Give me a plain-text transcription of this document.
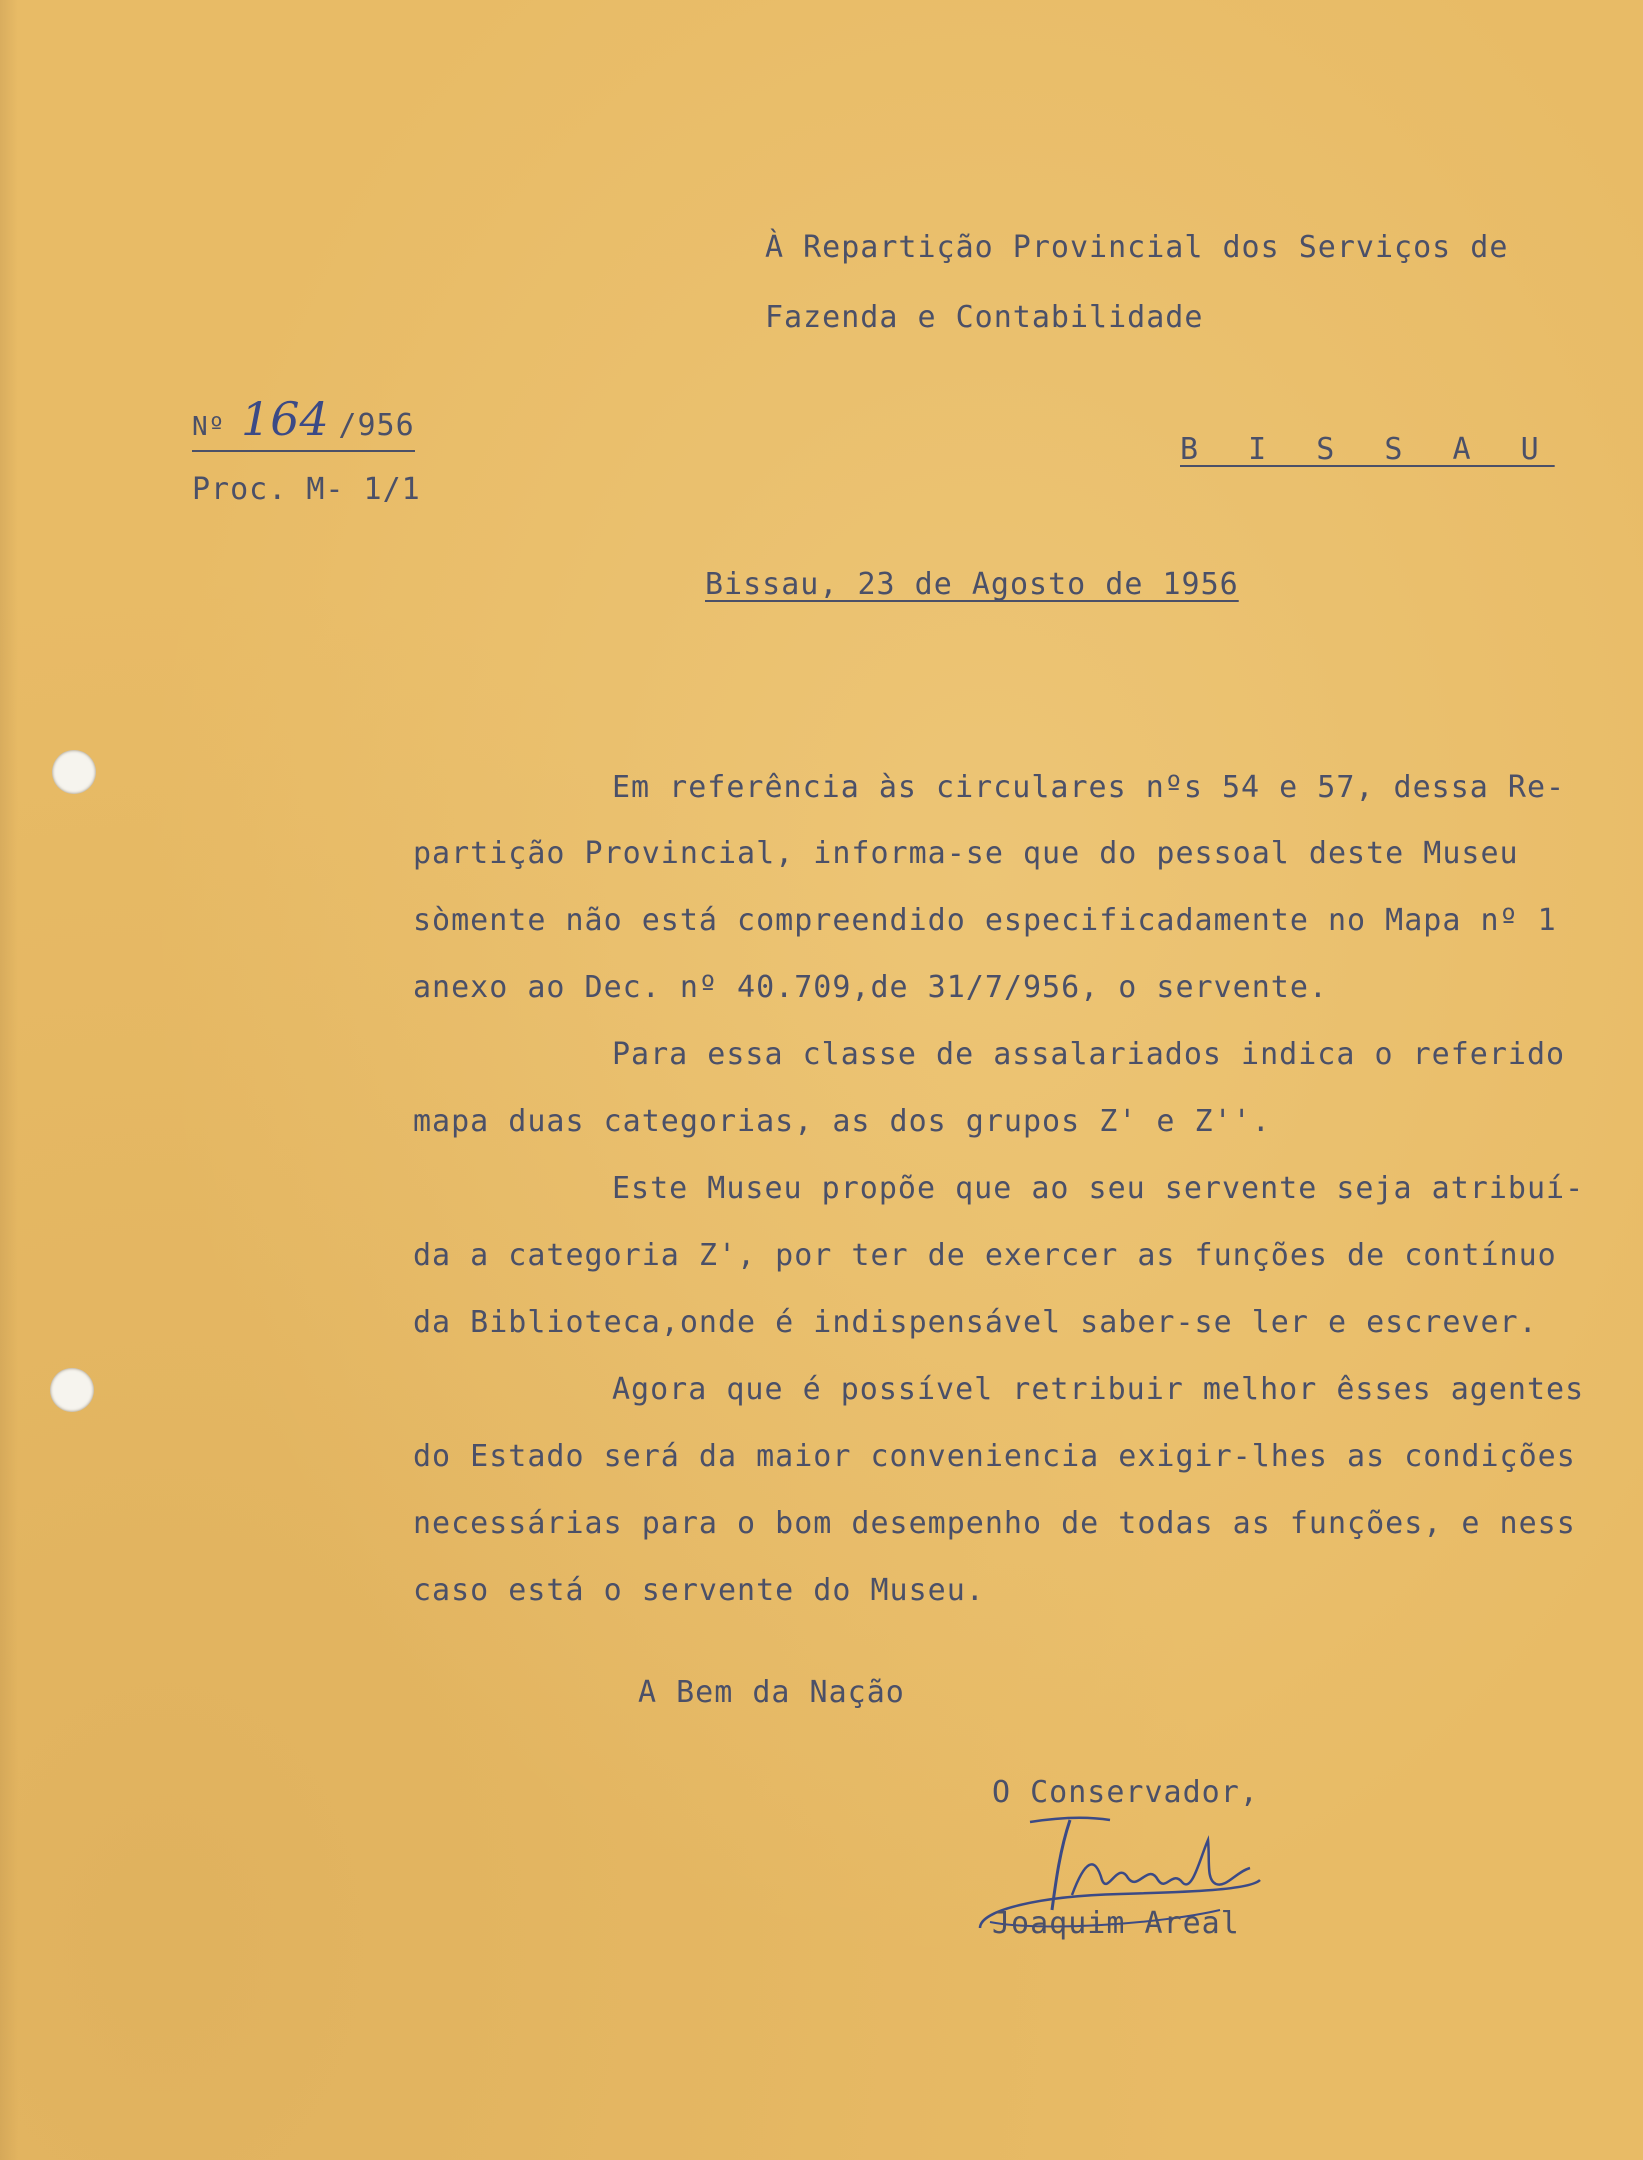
À Repartição Provincial dos Serviços de
Fazenda e Contabilidade
B I S S A U
Nº 164 /956
Proc. M- 1/1
Bissau, 23 de Agosto de 1956
Em referência às circulares nºs 54 e 57, dessa Re-
partição Provincial, informa-se que do pessoal deste Museu
sòmente não está compreendido especificadamente no Mapa nº 1
anexo ao Dec. nº 40.709,de 31/7/956, o servente.
Para essa classe de assalariados indica o referido
mapa duas categorias, as dos grupos Z' e Z''.
Este Museu propõe que ao seu servente seja atribuí-
da a categoria Z', por ter de exercer as funções de contínuo
da Biblioteca,onde é indispensável saber-se ler e escrever.
Agora que é possível retribuir melhor êsses agentes
do Estado será da maior conveniencia exigir-lhes as condições
necessárias para o bom desempenho de todas as funções, e ness
caso está o servente do Museu.
A Bem da Nação
O Conservador,
Joaquim Areal
